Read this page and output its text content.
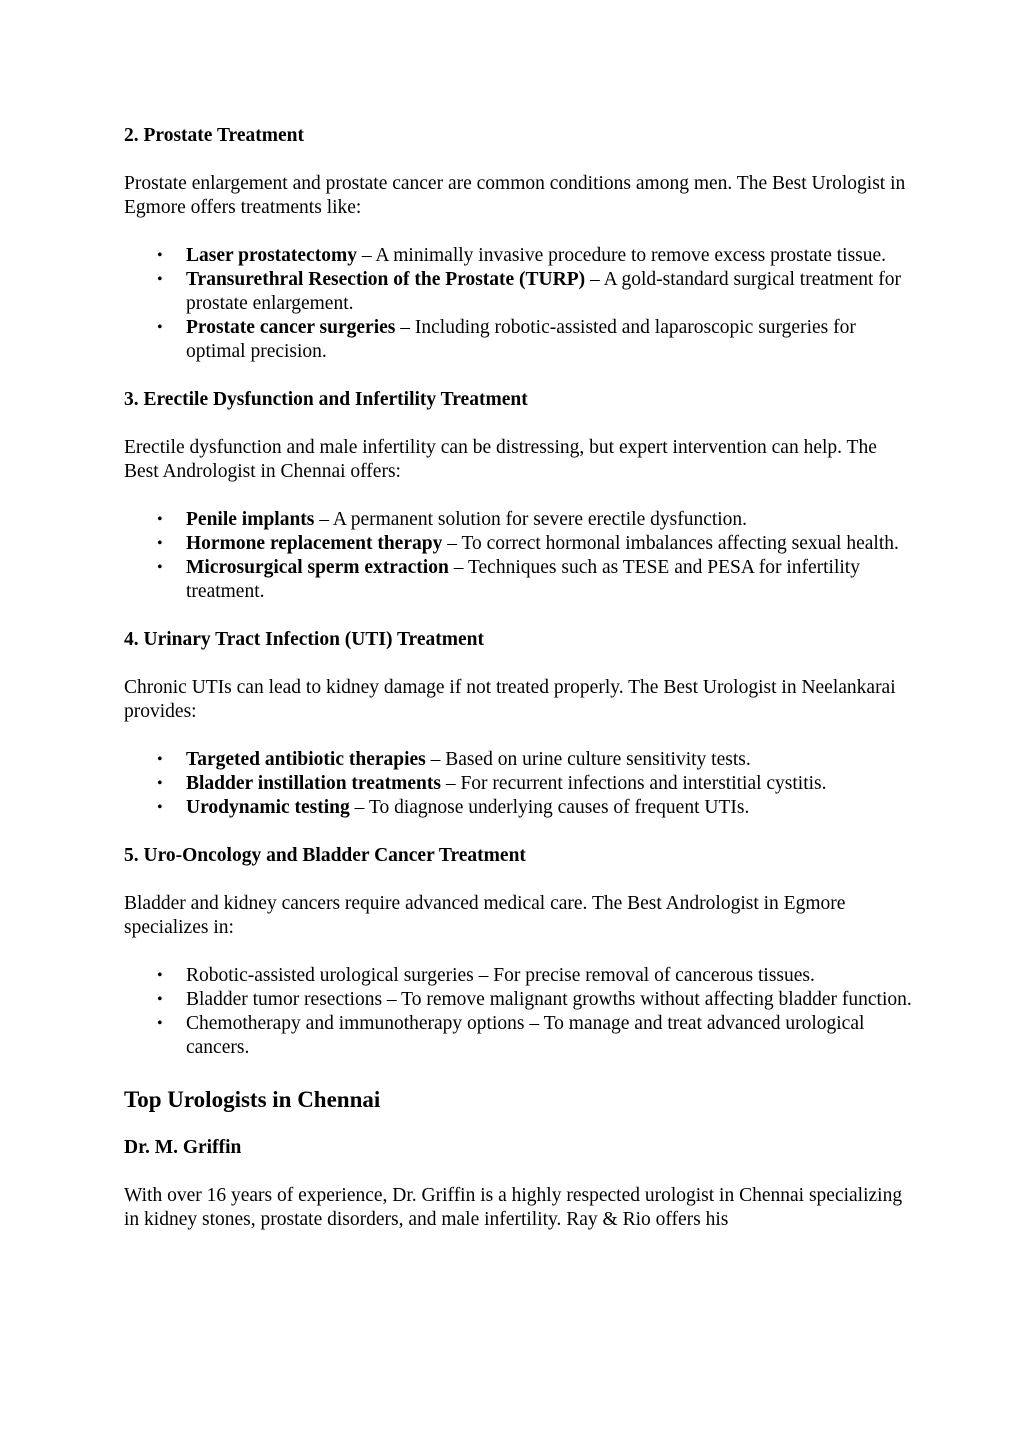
2. Prostate Treatment

Prostate enlargement and prostate cancer are common conditions among men. The Best Urologist in Egmore offers treatments like:

• Laser prostatectomy – A minimally invasive procedure to remove excess prostate tissue.
• Transurethral Resection of the Prostate (TURP) – A gold-standard surgical treatment for prostate enlargement.
• Prostate cancer surgeries – Including robotic-assisted and laparoscopic surgeries for optimal precision.
3. Erectile Dysfunction and Infertility Treatment

Erectile dysfunction and male infertility can be distressing, but expert intervention can help. The Best Andrologist in Chennai offers:

• Penile implants – A permanent solution for severe erectile dysfunction.
• Hormone replacement therapy – To correct hormonal imbalances affecting sexual health.
• Microsurgical sperm extraction – Techniques such as TESE and PESA for infertility treatment.
4. Urinary Tract Infection (UTI) Treatment

Chronic UTIs can lead to kidney damage if not treated properly. The Best Urologist in Neelankarai provides:

• Targeted antibiotic therapies – Based on urine culture sensitivity tests.
• Bladder instillation treatments – For recurrent infections and interstitial cystitis.
• Urodynamic testing – To diagnose underlying causes of frequent UTIs.
5. Uro-Oncology and Bladder Cancer Treatment

Bladder and kidney cancers require advanced medical care. The Best Andrologist in Egmore specializes in:

• Robotic-assisted urological surgeries – For precise removal of cancerous tissues.
• Bladder tumor resections – To remove malignant growths without affecting bladder function.
• Chemotherapy and immunotherapy options – To manage and treat advanced urological cancers.
Top Urologists in Chennai
Dr. M. Griffin

With over 16 years of experience, Dr. Griffin is a highly respected urologist in Chennai specializing in kidney stones, prostate disorders, and male infertility. Ray & Rio offers his
